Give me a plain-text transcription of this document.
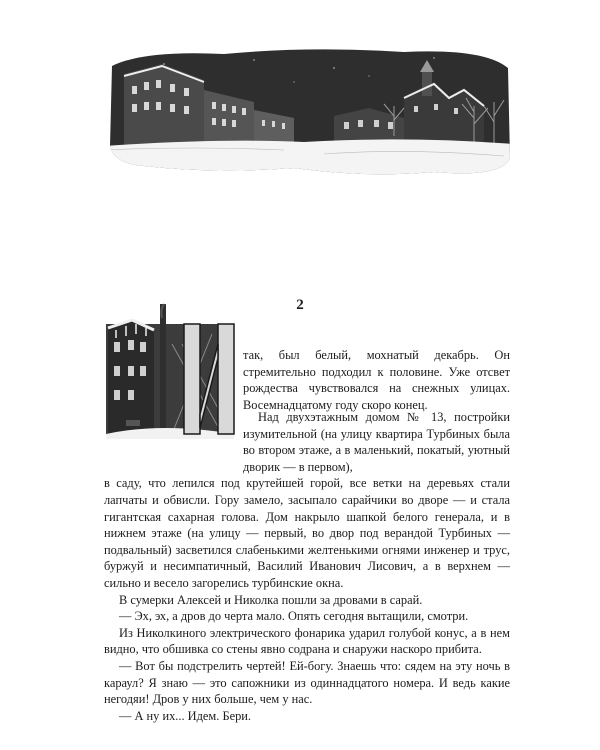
2

так, был белый, мохнатый декабрь. Он стремительно подходил к половине. Уже отсвет рождества чувствовался на снежных улицах. Восемнадцатому году скоро конец.

Над двухэтажным домом № 13, постройки изумительной (на улицу квартира Турбиных была во втором этаже, а в маленький, покатый, уютный дворик — в первом),

в саду, что лепился под крутейшей горой, все ветки на деревьях стали лапчаты и обвисли. Гору замело, засыпало сарайчики во дворе — и стала гигантская сахарная голова. Дом накрыло шапкой белого генерала, и в нижнем этаже (на улицу — первый, во двор под верандой Турбиных — подвальный) засветился слабенькими желтенькими огнями инженер и трус, буржуй и несимпатичный, Василий Иванович Лисович, а в верхнем — сильно и весело загорелись турбинские окна.

В сумерки Алексей и Николка пошли за дровами в сарай.

— Эх, эх, а дров до черта мало. Опять сегодня вытащили, смотри.

Из Николкиного электрического фонарика ударил голубой конус, а в нем видно, что обшивка со стены явно содрана и снаружи наскоро прибита.

— Вот бы подстрелить чертей! Ей-богу. Знаешь что: сядем на эту ночь в караул? Я знаю — это сапожники из одиннадцатого номера. И ведь какие негодяи! Дров у них больше, чем у нас.

— А ну их... Идем. Бери.
